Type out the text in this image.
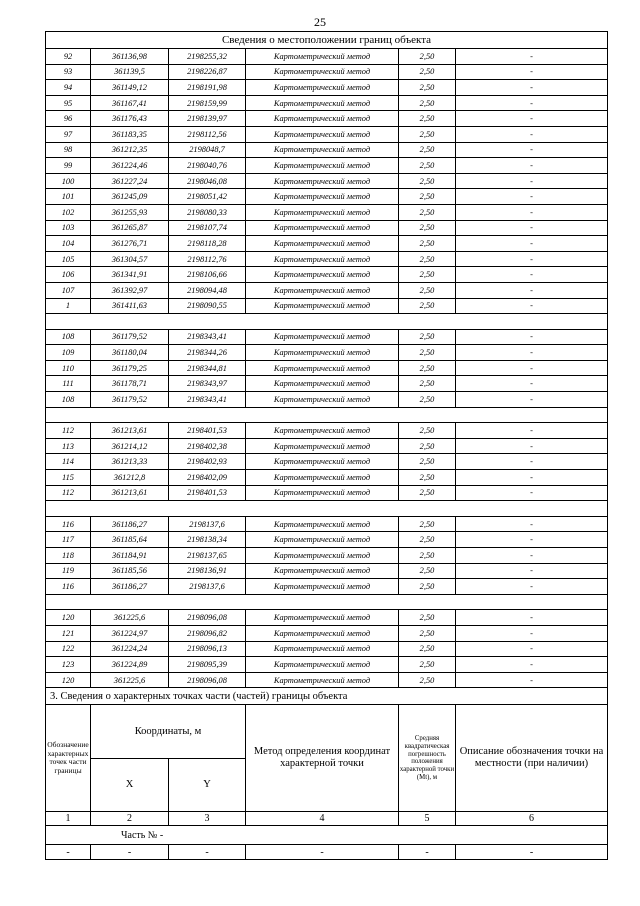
25
Сведения о местоположении границ объекта					
92	361136,98	2198255,32	Картометрический метод	2,50	-
93	361139,5	2198226,87	Картометрический метод	2,50	-
94	361149,12	2198191,98	Картометрический метод	2,50	-
95	361167,41	2198159,99	Картометрический метод	2,50	-
96	361176,43	2198139,97	Картометрический метод	2,50	-
97	361183,35	2198112,56	Картометрический метод	2,50	-
98	361212,35	2198048,7	Картометрический метод	2,50	-
99	361224,46	2198040,76	Картометрический метод	2,50	-
100	361227,24	2198046,08	Картометрический метод	2,50	-
101	361245,09	2198051,42	Картометрический метод	2,50	-
102	361255,93	2198080,33	Картометрический метод	2,50	-
103	361265,87	2198107,74	Картометрический метод	2,50	-
104	361276,71	2198118,28	Картометрический метод	2,50	-
105	361304,57	2198112,76	Картометрический метод	2,50	-
106	361341,91	2198106,66	Картометрический метод	2,50	-
107	361392,97	2198094,48	Картометрический метод	2,50	-
1	361411,63	2198090,55	Картометрический метод	2,50	-

108	361179,52	2198343,41	Картометрический метод	2,50	-
109	361180,04	2198344,26	Картометрический метод	2,50	-
110	361179,25	2198344,81	Картометрический метод	2,50	-
111	361178,71	2198343,97	Картометрический метод	2,50	-
108	361179,52	2198343,41	Картометрический метод	2,50	-

112	361213,61	2198401,53	Картометрический метод	2,50	-
113	361214,12	2198402,38	Картометрический метод	2,50	-
114	361213,33	2198402,93	Картометрический метод	2,50	-
115	361212,8	2198402,09	Картометрический метод	2,50	-
112	361213,61	2198401,53	Картометрический метод	2,50	-

116	361186,27	2198137,6	Картометрический метод	2,50	-
117	361185,64	2198138,34	Картометрический метод	2,50	-
118	361184,91	2198137,65	Картометрический метод	2,50	-
119	361185,56	2198136,91	Картометрический метод	2,50	-
116	361186,27	2198137,6	Картометрический метод	2,50	-

120	361225,6	2198096,08	Картометрический метод	2,50	-
121	361224,97	2198096,82	Картометрический метод	2,50	-
122	361224,24	2198096,13	Картометрический метод	2,50	-
123	361224,89	2198095,39	Картометрический метод	2,50	-
120	361225,6	2198096,08	Картометрический метод	2,50	-
3. Сведения о характерных точках части (частей) границы объекта					
Обозначение характерных точек части границы	Координаты, м		Метод определения координат характерной точки	Средняя квадратическая погрешность положения характерной точки (Mt), м	Описание обозначения точки на местности (при наличии)
	X	Y			
1	2	3	4	5	6
Часть № -					
-	-	-	-	-	-
